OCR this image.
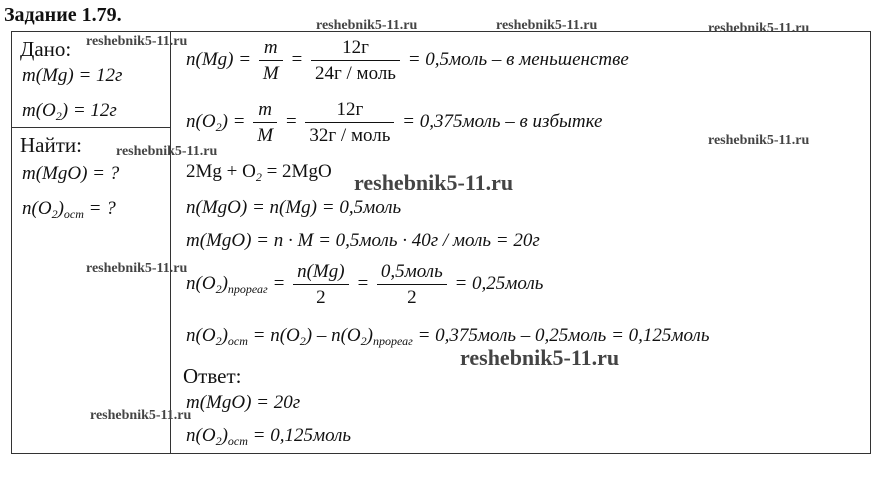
Задание 1.79.
Дано:
m(Mg) = 12г
$m(O_2) = 12г$
Найти:
m(MgO) = ?
$n(O_2)_{ост}$ = ?
$n(Mg) = \frac{m}{M} = \frac{12г}{\text{24г / моль}}$ = 0,5моль – в меньшенстве
$n(O_2) = \frac{m}{M} = \frac{12г}{\text{32г / моль}}$ = 0,375моль – в избытке
$2Mg + O_2 = 2MgO$
n(MgO) = n(Mg) = 0,5моль
m(MgO) = n · M = 0,5моль · 40г / моль = 20г
$n(O_2)_{прореаг} = \frac{n(Mg)}{2} = \frac{\text{0,5моль}}{2}$ = 0,25моль
$n(O_2)_{ост} = n(O_2) - n(O_2)_{прореаг}$ = 0,375моль – 0,25моль = 0,125моль
Ответ:
m(MgO) = 20г
$n(O_2)_{ост}$ = 0,125моль
reshebnik5-11.ru	reshebnik5-11.ru	reshebnik5-11.ru
reshebnik5-11.ru
reshebnik5-11.ru
reshebnik5-11.ru
reshebnik5-11.ru
reshebnik5-11.ru
reshebnik5-11.ru
reshebnik5-11.ru
